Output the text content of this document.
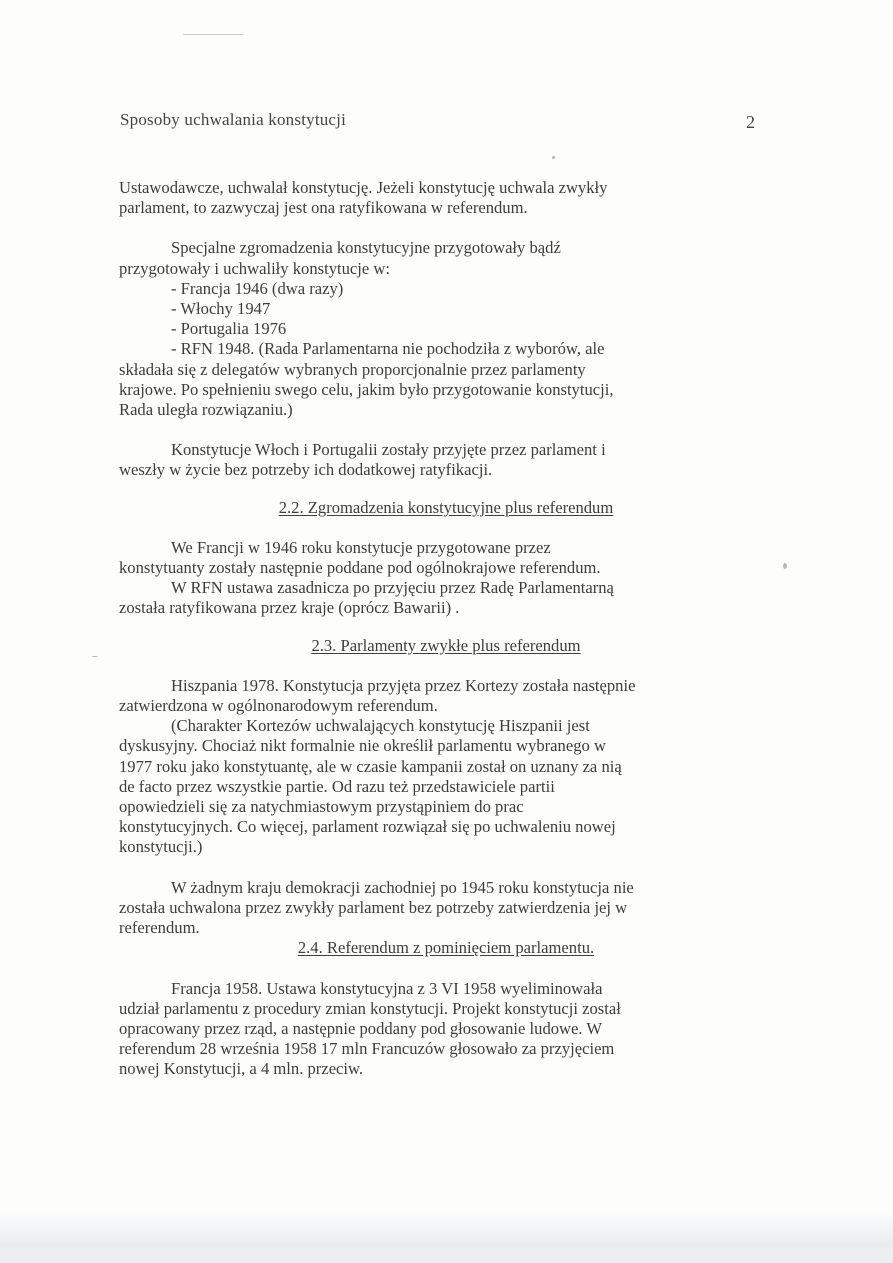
Sposoby uchwalania konstytucji	2

Ustawodawcze, uchwalał konstytucję. Jeżeli konstytucję uchwala zwykły

parlament, to zazwyczaj jest ona ratyfikowana w referendum.

Specjalne zgromadzenia konstytucyjne przygotowały bądź

przygotowały i uchwaliły konstytucje w:

- Francja 1946 (dwa razy)

- Włochy 1947

- Portugalia 1976

- RFN 1948. (Rada Parlamentarna nie pochodziła z wyborów, ale

składała się z delegatów wybranych proporcjonalnie przez parlamenty

krajowe. Po spełnieniu swego celu, jakim było przygotowanie konstytucji,

Rada uległa rozwiązaniu.)

Konstytucje Włoch i Portugalii zostały przyjęte przez parlament i

weszły w życie bez potrzeby ich dodatkowej ratyfikacji.

2.2. Zgromadzenia konstytucyjne plus referendum

We Francji w 1946 roku konstytucje przygotowane przez

konstytuanty zostały następnie poddane pod ogólnokrajowe referendum.

W RFN ustawa zasadnicza po przyjęciu przez Radę Parlamentarną

została ratyfikowana przez kraje (oprócz Bawarii) .

2.3. Parlamenty zwykłe plus referendum

Hiszpania 1978. Konstytucja przyjęta przez Kortezy została następnie

zatwierdzona w ogólnonarodowym referendum.

(Charakter Kortezów uchwalających konstytucję Hiszpanii jest

dyskusyjny. Chociaż nikt formalnie nie określił parlamentu wybranego w

1977 roku jako konstytuantę, ale w czasie kampanii został on uznany za nią

de facto przez wszystkie partie. Od razu też przedstawiciele partii

opowiedzieli się za natychmiastowym przystąpiniem do prac

konstytucyjnych. Co więcej, parlament rozwiązał się po uchwaleniu nowej

konstytucji.)

W żadnym kraju demokracji zachodniej po 1945 roku konstytucja nie

została uchwalona przez zwykły parlament bez potrzeby zatwierdzenia jej w

referendum.

2.4. Referendum z pominięciem parlamentu.

Francja 1958. Ustawa konstytucyjna z 3 VI 1958 wyeliminowała

udział parlamentu z procedury zmian konstytucji. Projekt konstytucji został

opracowany przez rząd, a następnie poddany pod głosowanie ludowe. W

referendum 28 września 1958 17 mln Francuzów głosowało za przyjęciem

nowej Konstytucji, a 4 mln. przeciw.
